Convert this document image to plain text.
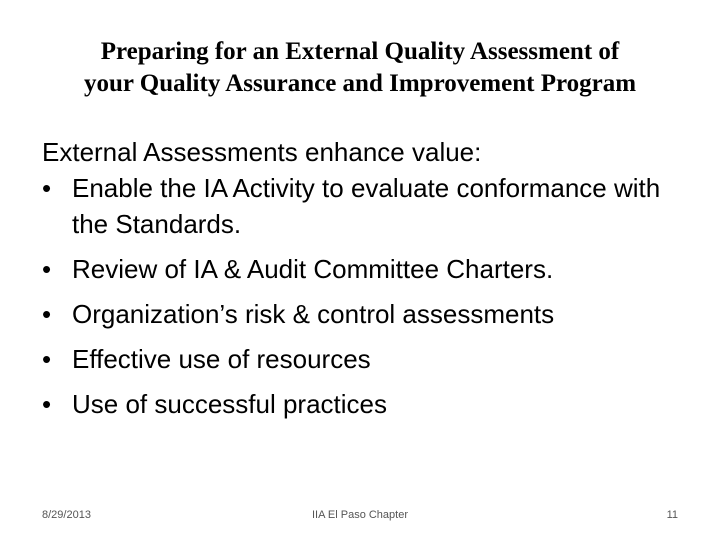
Preparing for an External Quality Assessment of
your Quality Assurance and Improvement Program

External Assessments enhance value:

• Enable the IA Activity to evaluate conformance with the Standards.
• Review of IA & Audit Committee Charters.
• Organization’s risk & control assessments
• Effective use of resources
• Use of successful practices
8/29/2013	IIA El Paso Chapter	11
